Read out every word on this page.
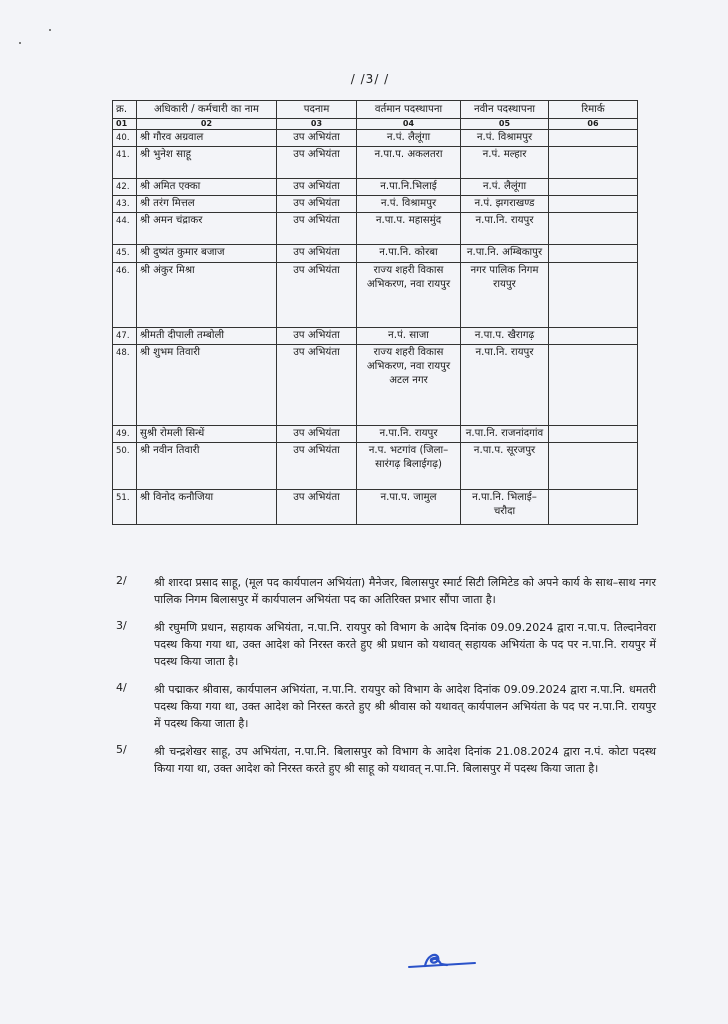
/ /3/ /
क्र.	अधिकारी / कर्मचारी का नाम	पदनाम	वर्तमान पदस्थापना	नवीन पदस्थापना	रिमार्क
01	02	03	04	05	06
40.	श्री गौरव अग्रवाल	उप अभियंता	न.पं. लैलूंगा	न.पं. विश्रामपुर	
41.	श्री भुनेश साहू	उप अभियंता	न.पा.प. अकलतरा	न.पं. मल्हार	
42.	श्री अमित एक्का	उप अभियंता	न.पा.नि.भिलाई	न.पं. लैलूंगा	
43.	श्री तरंग मित्तल	उप अभियंता	न.पं. विश्रामपुर	न.पं. झगराखण्ड	
44.	श्री अमन चंद्राकर	उप अभियंता	न.पा.प. महासमुंद	न.पा.नि. रायपुर	
45.	श्री दुष्यंत कुमार बजाज	उप अभियंता	न.पा.नि. कोरबा	न.पा.नि. अम्बिकापुर	
46.	श्री अंकुर मिश्रा	उप अभियंता	राज्य शहरी विकास अभिकरण, नवा रायपुर	नगर पालिक निगम रायपुर	
47.	श्रीमती दीपाली तम्बोली	उप अभियंता	न.पं. साजा	न.पा.प. खैरागढ़	
48.	श्री शुभम तिवारी	उप अभियंता	राज्य शहरी विकास अभिकरण, नवा रायपुर अटल नगर	न.पा.नि. रायपुर	
49.	सुश्री रोमली सिन्धें	उप अभियंता	न.पा.नि. रायपुर	न.पा.नि. राजनांदगांव	
50.	श्री नवीन तिवारी	उप अभियंता	न.प. भटगांव (जिला–सारंगढ़ बिलाईगढ़)	न.पा.प. सूरजपुर	
51.	श्री विनोद कनौजिया	उप अभियंता	न.पा.प. जामुल	न.पा.नि. भिलाई–चरौदा	
2/	श्री शारदा प्रसाद साहू, (मूल पद कार्यपालन अभियंता) मैनेजर, बिलासपुर स्मार्ट सिटी लिमिटेड को अपने कार्य के साथ–साथ नगर पालिक निगम बिलासपुर में कार्यपालन अभियंता पद का अतिरिक्त प्रभार सौंपा जाता है।
3/	श्री रघुमणि प्रधान, सहायक अभियंता, न.पा.नि. रायपुर को विभाग के आदेष दिनांक 09.09.2024 द्वारा न.पा.प. तिल्दानेवरा पदस्थ किया गया था, उक्त आदेश को निरस्त करते हुए श्री प्रधान को यथावत् सहायक अभियंता के पद पर न.पा.नि. रायपुर में पदस्थ किया जाता है।
4/	श्री पद्माकर श्रीवास, कार्यपालन अभियंता, न.पा.नि. रायपुर को विभाग के आदेश दिनांक 09.09.2024 द्वारा न.पा.नि. धमतरी पदस्थ किया गया था, उक्त आदेश को निरस्त करते हुए श्री श्रीवास को यथावत् कार्यपालन अभियंता के पद पर न.पा.नि. रायपुर में पदस्थ किया जाता है।
5/	श्री चन्द्रशेखर साहू, उप अभियंता, न.पा.नि. बिलासपुर को विभाग के आदेश दिनांक 21.08.2024 द्वारा न.पं. कोटा पदस्थ किया गया था, उक्त आदेश को निरस्त करते हुए श्री साहू को यथावत् न.पा.नि. बिलासपुर में पदस्थ किया जाता है।
